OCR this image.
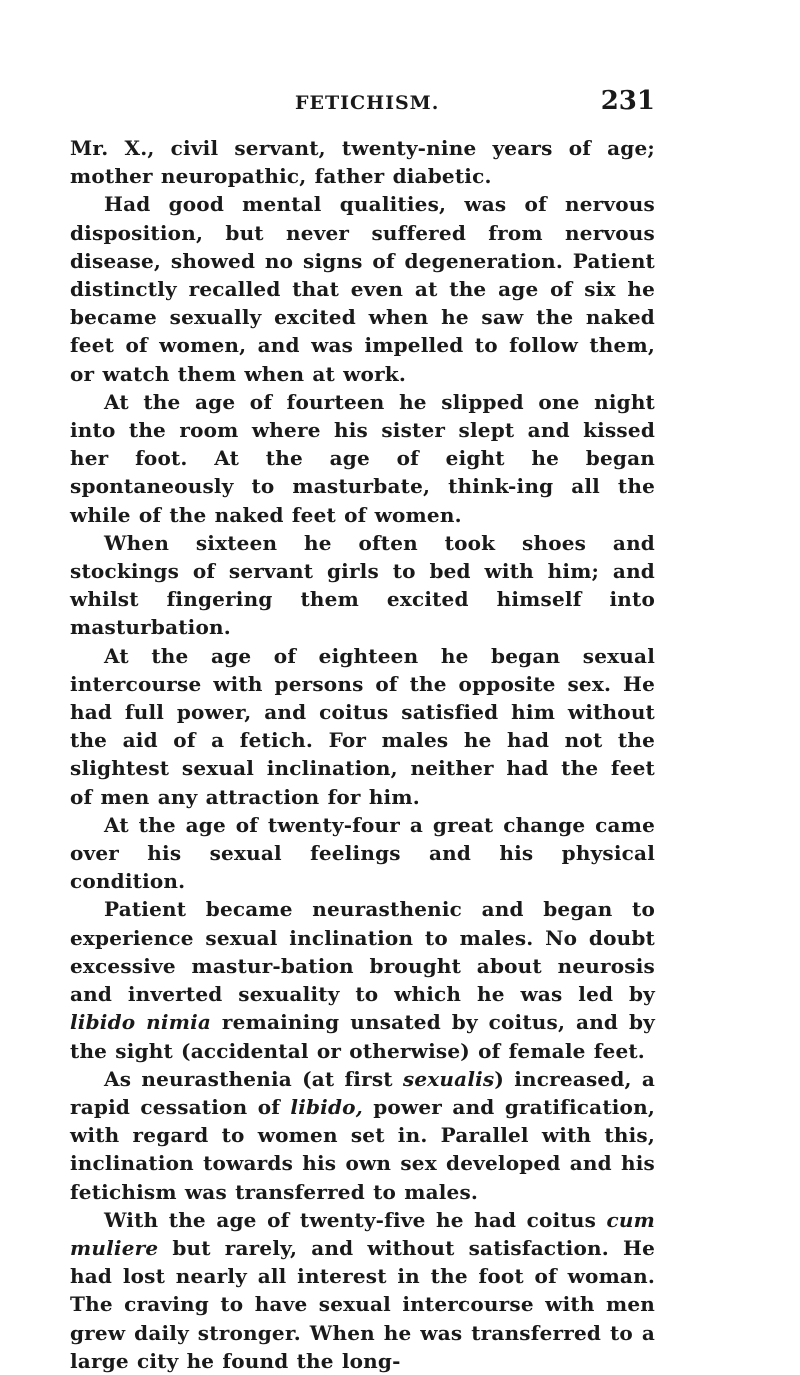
FETICHISM.	231

Mr. X., civil servant, twenty-nine years of age; mother neuropathic, father diabetic.

Had good mental qualities, was of nervous disposition, but never suffered from nervous disease, showed no signs of degeneration. Patient distinctly recalled that even at the age of six he became sexually excited when he saw the naked feet of women, and was impelled to follow them, or watch them when at work.

At the age of fourteen he slipped one night into the room where his sister slept and kissed her foot. At the age of eight he began spontaneously to masturbate, think-ing all the while of the naked feet of women.

When sixteen he often took shoes and stockings of servant girls to bed with him; and whilst fingering them excited himself into masturbation.

At the age of eighteen he began sexual intercourse with persons of the opposite sex. He had full power, and coitus satisfied him without the aid of a fetich. For males he had not the slightest sexual inclination, neither had the feet of men any attraction for him.

At the age of twenty-four a great change came over his sexual feelings and his physical condition.

Patient became neurasthenic and began to experience sexual inclination to males. No doubt excessive mastur-bation brought about neurosis and inverted sexuality to which he was led by libido nimia remaining unsated by coitus, and by the sight (accidental or otherwise) of female feet.

As neurasthenia (at first sexualis) increased, a rapid cessation of libido, power and gratification, with regard to women set in. Parallel with this, inclination towards his own sex developed and his fetichism was transferred to males.

With the age of twenty-five he had coitus cum muliere but rarely, and without satisfaction. He had lost nearly all interest in the foot of woman. The craving to have sexual intercourse with men grew daily stronger. When he was transferred to a large city he found the long-
